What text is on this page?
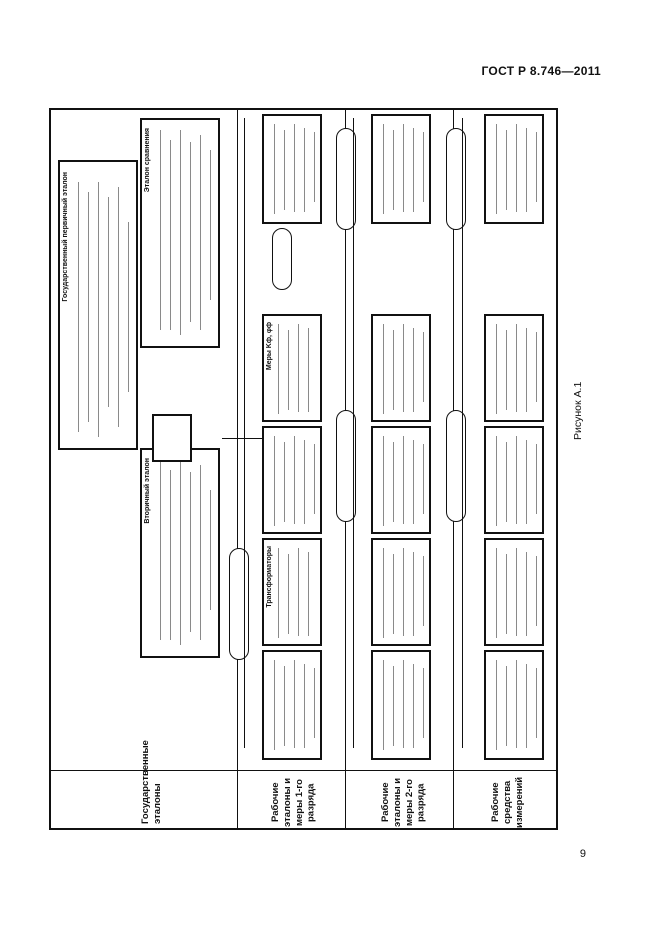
ГОСТ Р 8.746—2011
9
Рисунок А.1
Государственные эталоны	Рабочие эталоны и меры 1-го разряда	Рабочие эталоны и меры 2-го разряда	Рабочие средства измерений
Государственный первичный эталон
Вторичный эталон
Эталон сравнения
Трансформаторы
Меры Kф, φф
